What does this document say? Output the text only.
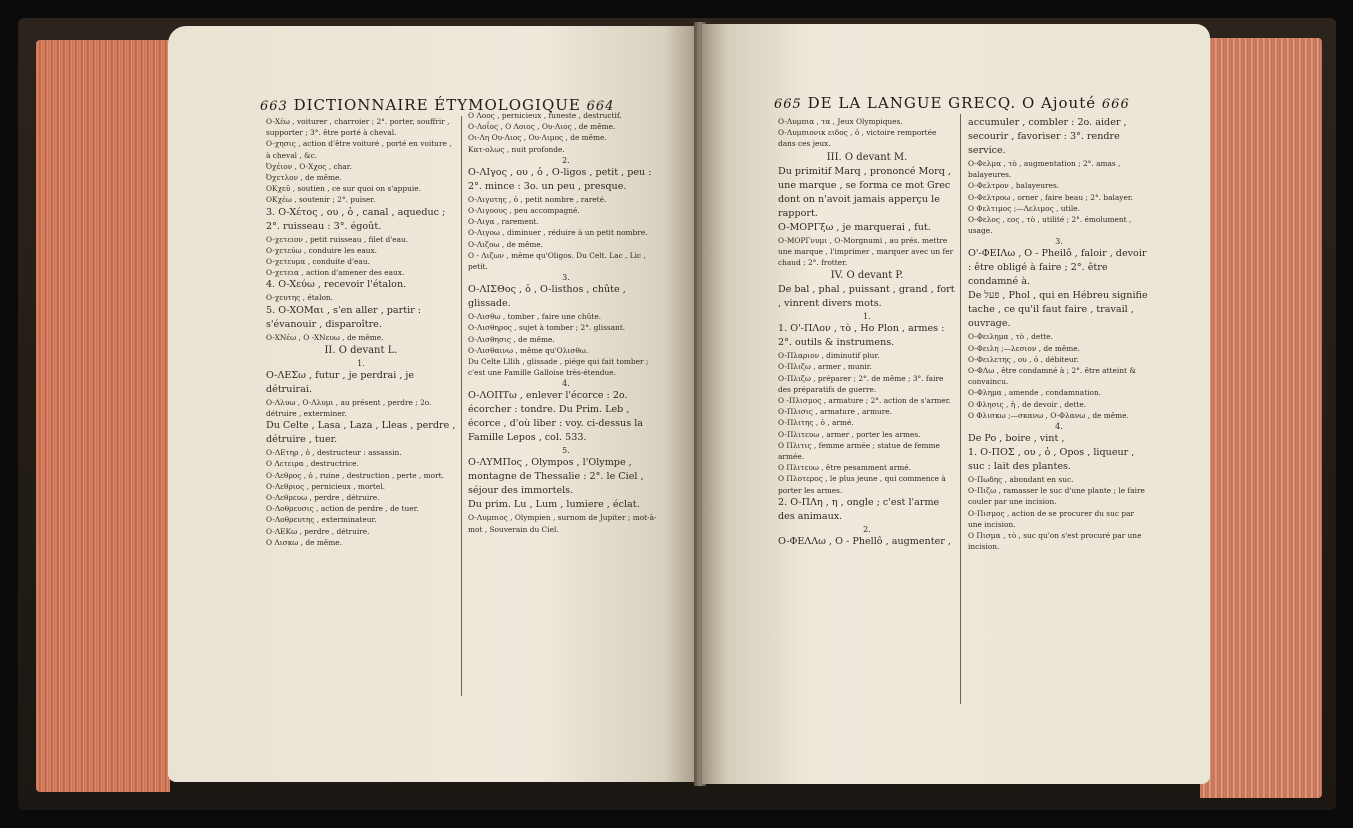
663 DICTIONNAIRE ÉTYMOLOGIQUE 664

O-Χέω , voiturer , charroier ; 2°. porter, souffrir , supporter ; 3°. être porté à cheval.

O-χησις , action d'être voituré , porté en voiture , à cheval , &c.

Ὀχέιον , O-Χχος , char.

Ὀχετλον , de même.

ΟΚχεῦ , soutien , ce sur quoi on s'appuie.

ΟΚχέω , soutenir ; 2°. puiser.

3. O-Xέτος , ου , ὁ , canal , aqueduc ; 2°. ruisseau : 3°. égoût.

O-χετειον , petit ruisseau , filet d'eau.

O-χετεύω , conduire les eaux.

O-χετευμα , conduite d'eau.

O-χετεια , action d'amener des eaux.

4. O-Xεύω , recevoir l'étalon.

O-χευτης , étalon.

5. O-XOMαι , s'en aller , partir : s'évanouir , disparoître.

O-XNέω , O -XNευω , de même.

II. O devant L.

1.

O-ΛΕΣω , futur , je perdrai , je détruirai.

O-Λλυω , O-Λλυμι , au présent , perdre ; 2o. détruire , exterminer.

Du Celte , Lasa , Laza , Lleas , perdre , détruire , tuer.

O-ΛΕτηρ , ὁ , destructeur : assassin.

O Λετειρα , destructrice.

O-Λεθρος , ὁ , ruine , destruction , perte , mort.

O-Λεθριος , pernicieux , mortel.

O-Λεθρευω , perdre , détruire.

O-Λοθρευσις , action de perdre , de tuer.

O-Λοθρευτης , exterminateur.

O-ΛΕΚω , perdre , détruire.

O Λισκω , de même.

O Λοος , pernicieux , funeste , destructif.

O-Λοΐος , O Λοιος , Oυ-Λιος , de même.

Oι-Λη Oυ-Λιος , Oυ-Λιμος , de même.

Κατ-ολως , nuit profonde.

2.

O-ΛΙγος , ου , ὁ , O-ligos , petit , peu : 2°. mince : 3o. un peu , presque.

O-Λιγοτης , ὁ , petit nombre , rareté.

O-Λιγοους , peu accompagné.

O-Λιγα , rarement.

O-Λιγοω , diminuer , réduire à un petit nombre.

O-Λιζοω , de même.

O - Λιζων , même qu'Oligos. Du Celt. Lac , Lic , petit.

3.

O-ΛΙΣΘος , ὁ , O-listhos , chûte , glissade.

O-Λισθω , tomber , faire une chûte.

O-Λισθηρος , sujet à tomber ; 2°. glissant.

O-Λισθησις , de même.

O-Λισθαινω , même qu'Ολισθω.

Du Celte Lllih , glissade , piége qui fait tomber ; c'est une Famille Galloise très-étendue.

4.

O-ΛΟΠΤω , enlever l'écorce : 2o. écorcher : tondre. Du Prim. Leb , écorce , d'où liber : voy. ci-dessus la Famille Lepos , col. 533.

5.

O-ΛΥΜΠος , Olympos , l'Olympe , montagne de Thessalie : 2°. le Ciel , séjour des immortels.

Du prim. Lu , Lum , lumiere , éclat.

O-Λυμπιος , Olympien , surnom de Jupiter ; mot-à-mot , Souverain du Ciel.

665 DE LA LANGUE GRECQ. O Ajouté 666

O-Λυμπια , τα , Jeux Olympiques.

O-Λυμπιονικ ειδος , ὁ , victoire remportée dans ces jeux.

III. O devant M.

Du primitif Marq , prononcé Morq , une marque , se forma ce mot Grec dont on n'avoit jamais apperçu le rapport.

O-MOPΓξω , je marquerai , fut.

O-MOPΓνυμι , O-Morgnumi , au prés. mettre une marque , l'imprimer , marquer avec un fer chaud ; 2°. frotter.

IV. O devant P.

De bal , phal , puissant , grand , fort , vinrent divers mots.

1.

1. O'-ΠΛον , τὸ , Ho Plon , armes : 2°. outils & instrumens.

O-Πλαριον , diminutif plur.

O-Πλιζω , armer , munir.

O-Πλιζω , préparer ; 2°. de même ; 3°. faire des préparatifs de guerre.

O -Πλισμος , armature ; 2°. action de s'armer.

O-Πλισις , armature , armure.

O-Πλιτης , ὁ , armé.

O-Πλιτευω , armer , porter les armes.

O Πλιτις , femme armée ; statue de femme armée.

O Πλιτευω , être pesamment armé.

O Πλοτερος , le plus jeune , qui commence à porter les armes.

2. O-ΠΛη , η , ongle ; c'est l'arme des animaux.

2.

O-ΦΕΛΛω , O - Phellô , augmenter ,

accumuler , combler : 2o. aider , secourir , favoriser : 3°. rendre service.

O-Φελμα , τὸ , augmentation ; 2°. amas , balayeures.

O-Φελτρον , balayeures.

O-Φελτροω , orner , faire beau ; 2°. balayer.

O Φελτιμος ;—Λελιμος , utile.

O-Φελος , εος , τὸ , utilité ; 2°. émolument , usage.

3.

O'-ΦΕΙΛω , O - Pheilô , faloir , devoir : être obligé à faire ; 2°. être condamné à.

De פעל , Phol , qui en Hébreu signifie tache , ce qu'il faut faire , travail , ouvrage.

O-Φειλημα , τὸ , dette.

O-Φειλη ;—λεσιον , de même.

O-Φειλετης , ου , ὁ , débiteur.

O-ΦΛω , être condamné à ; 2°. être atteint & convaincu.

O-Φλημα , amende , condamnation.

O Φλησις , ἡ , de devoir , dette.

O Φλισκω ;—σκανω , O-Φλανω , de même.

4.

De Po , boire , vint ,

1. O-ΠΟΣ , ου , ὁ , Opos , liqueur , suc : lait des plantes.

O-Πωδης , abondant en suc.

O-Πιζω , ramasser le suc d'une plante ; le faire couler par une incision.

O-Πισμος , action de se procurer du suc par une incision.

O Πισμα , τὸ , suc qu'on s'est procuré par une incision.
